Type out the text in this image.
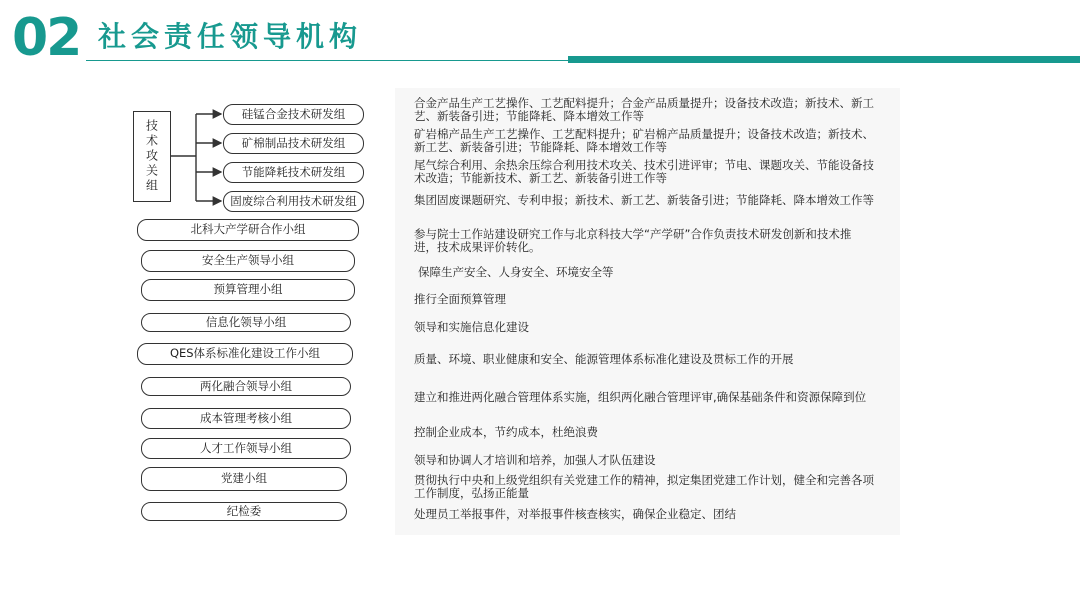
02 社会责任领导机构
技术攻关组
硅锰合金技术研发组
矿棉制品技术研发组
节能降耗技术研发组
固废综合利用技术研发组
北科大产学研合作小组
安全生产领导小组
预算管理小组
信息化领导小组
QES体系标准化建设工作小组
两化融合领导小组
成本管理考核小组
人才工作领导小组
党建小组
纪检委
合金产品生产工艺操作、工艺配料提升；合金产品质量提升；设备技术改造；新技术、新工艺、新装备引进；节能降耗、降本增效工作等
矿岩棉产品生产工艺操作、工艺配料提升；矿岩棉产品质量提升；设备技术改造；新技术、新工艺、新装备引进；节能降耗、降本增效工作等
尾气综合利用、余热余压综合利用技术攻关、技术引进评审；节电、课题攻关、节能设备技术改造；节能新技术、新工艺、新装备引进工作等
集团固废课题研究、专利申报；新技术、新工艺、新装备引进；节能降耗、降本增效工作等
参与院士工作站建设研究工作与北京科技大学“产学研”合作负责技术研发创新和技术推进，技术成果评价转化。
保障生产安全、人身安全、环境安全等
推行全面预算管理
领导和实施信息化建设
质量、环境、职业健康和安全、能源管理体系标准化建设及贯标工作的开展
建立和推进两化融合管理体系实施，组织两化融合管理评审,确保基础条件和资源保障到位
控制企业成本，节约成本，杜绝浪费
领导和协调人才培训和培养，加强人才队伍建设
贯彻执行中央和上级党组织有关党建工作的精神，拟定集团党建工作计划，健全和完善各项工作制度，弘扬正能量
处理员工举报事件，对举报事件核查核实，确保企业稳定、团结
